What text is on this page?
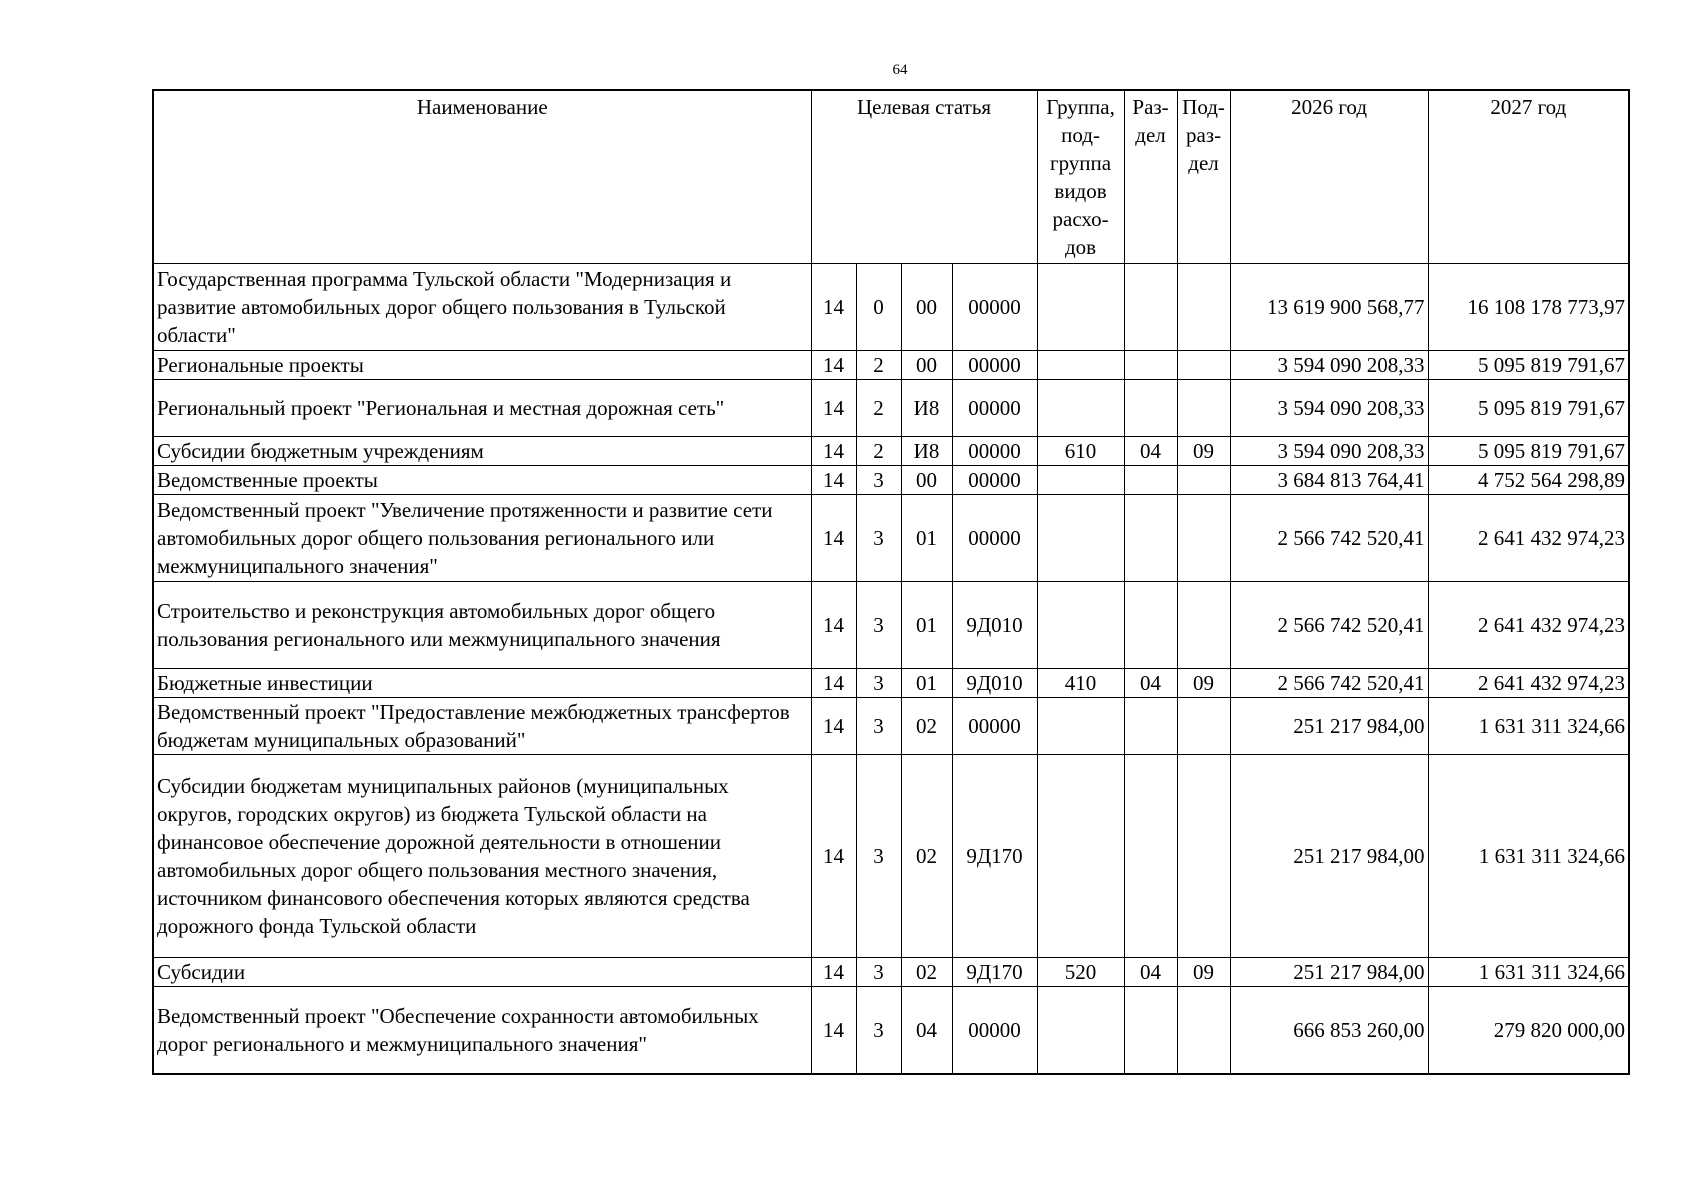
64
Наименование	Целевая статья				Группа, под-группа видов расхо-дов	Раз-дел	Под-раз-дел	2026 год	2027 год
Государственная программа Тульской области "Модернизация и развитие автомобильных дорог общего пользования в Тульской области"	14	0	00	00000				13 619 900 568,77	16 108 178 773,97
Региональные проекты	14	2	00	00000				3 594 090 208,33	5 095 819 791,67
Региональный проект "Региональная и местная дорожная сеть"	14	2	И8	00000				3 594 090 208,33	5 095 819 791,67
Субсидии бюджетным учреждениям	14	2	И8	00000	610	04	09	3 594 090 208,33	5 095 819 791,67
Ведомственные проекты	14	3	00	00000				3 684 813 764,41	4 752 564 298,89
Ведомственный проект "Увеличение протяженности и развитие сети автомобильных дорог общего пользования регионального или межмуниципального значения"	14	3	01	00000				2 566 742 520,41	2 641 432 974,23
Строительство и реконструкция автомобильных дорог общего пользования регионального или межмуниципального значения	14	3	01	9Д010				2 566 742 520,41	2 641 432 974,23
Бюджетные инвестиции	14	3	01	9Д010	410	04	09	2 566 742 520,41	2 641 432 974,23
Ведомственный проект "Предоставление межбюджетных трансфертов бюджетам муниципальных образований"	14	3	02	00000				251 217 984,00	1 631 311 324,66
Субсидии бюджетам муниципальных районов (муниципальных округов, городских округов) из бюджета Тульской области на финансовое обеспечение дорожной деятельности в отношении автомобильных дорог общего пользования местного значения, источником финансового обеспечения которых являются средства дорожного фонда Тульской области	14	3	02	9Д170				251 217 984,00	1 631 311 324,66
Субсидии	14	3	02	9Д170	520	04	09	251 217 984,00	1 631 311 324,66
Ведомственный проект "Обеспечение сохранности автомобильных дорог регионального и межмуниципального значения"	14	3	04	00000				666 853 260,00	279 820 000,00
